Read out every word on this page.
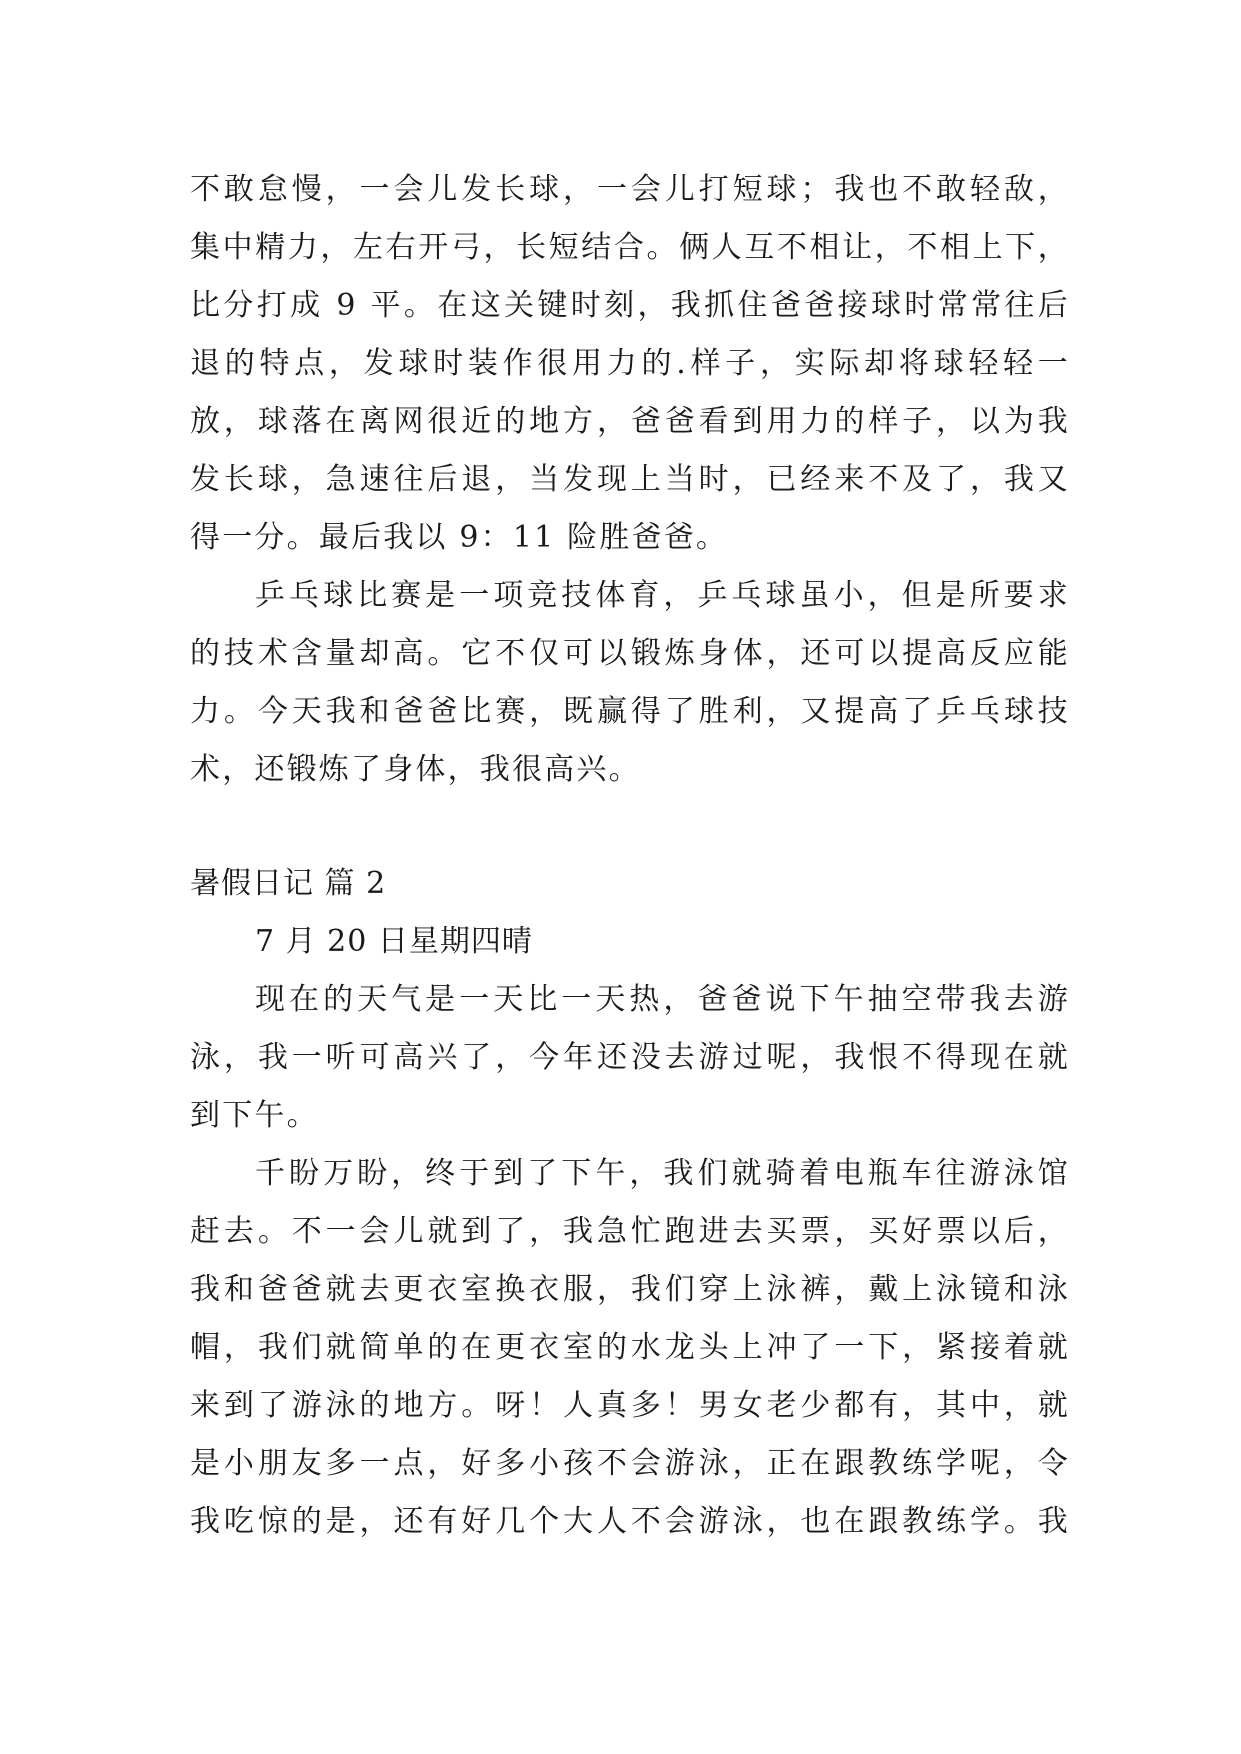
不敢怠慢，一会儿发长球，一会儿打短球；我也不敢轻敌，
集中精力，左右开弓，长短结合。俩人互不相让，不相上下，
比分打成 9 平。在这关键时刻，我抓住爸爸接球时常常往后
退的特点，发球时装作很用力的.样子，实际却将球轻轻一
放，球落在离网很近的地方，爸爸看到用力的样子，以为我
发长球，急速往后退，当发现上当时，已经来不及了，我又
得一分。最后我以 9：11 险胜爸爸。
乒乓球比赛是一项竞技体育，乒乓球虽小，但是所要求
的技术含量却高。它不仅可以锻炼身体，还可以提高反应能
力。今天我和爸爸比赛，既赢得了胜利，又提高了乒乓球技
术，还锻炼了身体，我很高兴。
暑假日记 篇 2
7 月 20 日星期四晴
现在的天气是一天比一天热，爸爸说下午抽空带我去游
泳，我一听可高兴了，今年还没去游过呢，我恨不得现在就
到下午。
千盼万盼，终于到了下午，我们就骑着电瓶车往游泳馆
赶去。不一会儿就到了，我急忙跑进去买票，买好票以后，
我和爸爸就去更衣室换衣服，我们穿上泳裤，戴上泳镜和泳
帽，我们就简单的在更衣室的水龙头上冲了一下，紧接着就
来到了游泳的地方。呀！人真多！男女老少都有，其中，就
是小朋友多一点，好多小孩不会游泳，正在跟教练学呢，令
我吃惊的是，还有好几个大人不会游泳，也在跟教练学。我
